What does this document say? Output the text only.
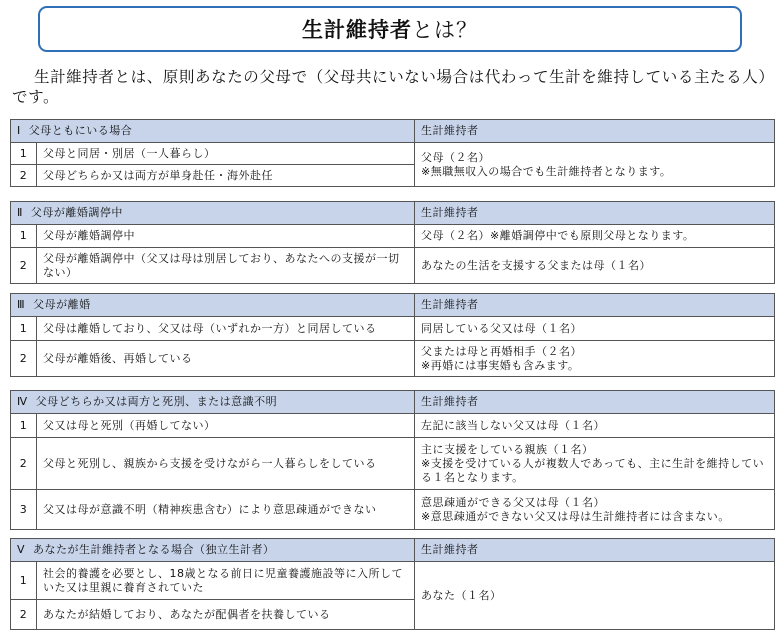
生計維持者 とは？
生計維持者とは、原則あなたの父母で（父母共にいない場合は代わって生計を維持している主たる人）です。
Ⅰ 父母ともにいる場合		生計維持者
1	父母と同居・別居（一人暮らし）	父母（２名）
※無職無収入の場合でも生計維持者となります。
2	父母どちらか又は両方が単身赴任・海外赴任	
Ⅱ 父母が離婚調停中		生計維持者
1	父母が離婚調停中	父母（２名）※離婚調停中でも原則父母となります。
2	父母が離婚調停中（父又は母は別居しており、あなたへの支援が一切ない）	あなたの生活を支援する父または母（１名）
Ⅲ 父母が離婚		生計維持者
1	父母は離婚しており、父又は母（いずれか一方）と同居している	同居している父又は母（１名）
2	父母が離婚後、再婚している	父または母と再婚相手（２名）
※再婚には事実婚も含みます。
Ⅳ 父母どちらか又は両方と死別、または意識不明		生計維持者
1	父又は母と死別（再婚してない）	左記に該当しない父又は母（１名）
2	父母と死別し、親族から支援を受けながら一人暮らしをしている	主に支援をしている親族（１名）
※支援を受けている人が複数人であっても、主に生計を維持している１名となります。
3	父又は母が意識不明（精神疾患含む）により意思疎通ができない	意思疎通ができる父又は母（１名）
※意思疎通ができない父又は母は生計維持者には含まない。
Ⅴ あなたが生計維持者となる場合（独立生計者）		生計維持者
1	社会的養護を必要とし、18歳となる前日に児童養護施設等に入所していた又は里親に養育されていた	あなた（１名）
2	あなたが結婚しており、あなたが配偶者を扶養している	
